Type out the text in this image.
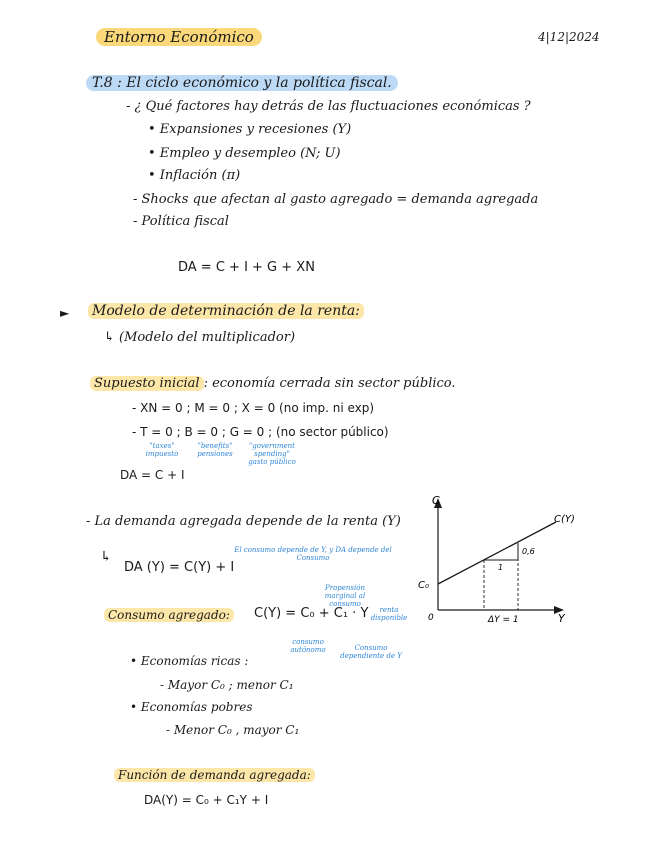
Entorno Económico	4|12|2024
T.8 : El ciclo económico y la política fiscal.
- ¿ Qué factores hay detrás de las fluctuaciones económicas ?
• Expansiones y recesiones (Y)
• Empleo y desempleo (N; U)
• Inflación (π)
- Shocks que afectan al gasto agregado = demanda agregada
- Política fiscal
DA = C + I + G + XN
► Modelo de determinación de la renta:
↳ (Modelo del multiplicador)
Supuesto inicial : economía cerrada sin sector público.
- XN = 0 ; M = 0 ; X = 0 (no imp. ni exp)
- T = 0 ; B = 0 ; G = 0 ; (no sector público)
"taxes" impuesto
"benefits" pensiones
"government spending" gasto público
DA = C + I
- La demanda agregada depende de la renta (Y)
↳
DA (Y) = C(Y) + I
El consumo depende de Y, y DA depende del Consumo
Consumo agregado:	C(Y) = C₀ + C₁ · Y
Propensión marginal al consumo
renta disponible
consumo autónomo	Consumo dependiente de Y
• Economías ricas :
- Mayor C₀ ; menor C₁
• Economías pobres
- Menor C₀ , mayor C₁
Función de demanda agregada:
DA(Y) = C₀ + C₁Y + I
C
Y
C(Y)
C₀
0	ΔY = 1
0,6
1
